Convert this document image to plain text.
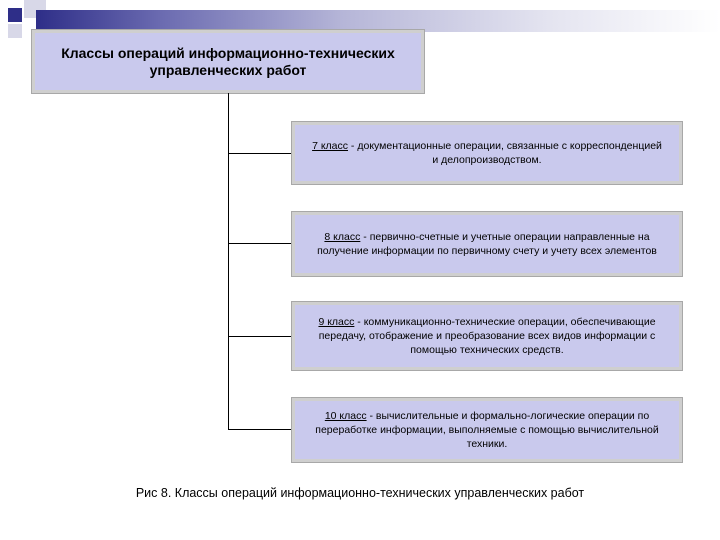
Классы операций информационно-технических управленческих работ
7 класс - документационные операции, связанные с корреспонденцией и делопроизводством.
8 класс - первично-счетные и учетные операции направленные на получение информации по первичному счету и учету всех элементов
9 класс - коммуникационно-технические операции, обеспечивающие передачу, отображение и преобразование всех видов информации с помощью технических средств.
10 класс - вычислительные и формально-логические операции по переработке информации, выполняемые с помощью вычислительной техники.
Рис 8. Классы операций информационно-технических управленческих работ
